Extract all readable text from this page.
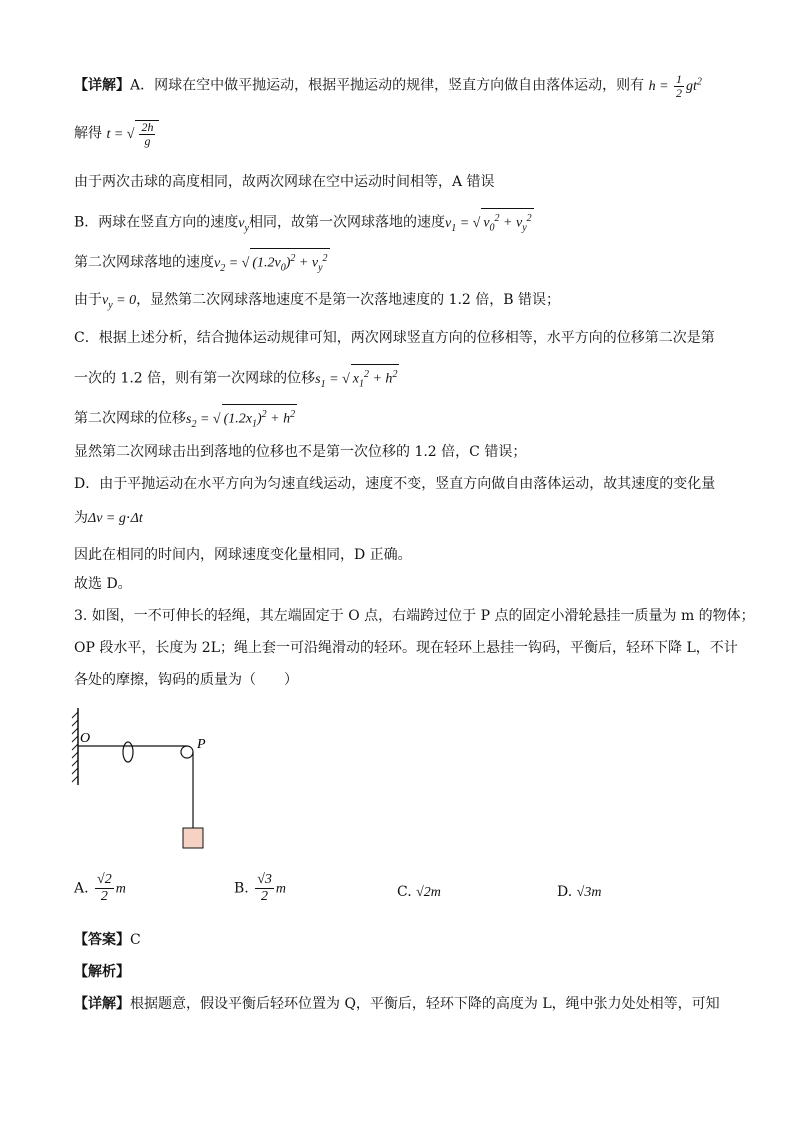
【详解】A．网球在空中做平抛运动，根据平抛运动的规律，竖直方向做自由落体运动，则有 $h = \frac{1}{2} gt^2$
解得 t = √ $\frac{2h}{g}$
由于两次击球的高度相同，故两次网球在空中运动时间相等，A 错误
B．两球在竖直方向的速度$v_y$相同，故第一次网球落地的速度$v_1$ = √ $v_0^2 + v_y^2$
第二次网球落地的速度$v_2$ = √ $(1.2v_0)^2 + v_y^2$
由于$v_y = 0$，显然第二次网球落地速度不是第一次落地速度的 1.2 倍，B 错误；
C．根据上述分析，结合抛体运动规律可知，两次网球竖直方向的位移相等，水平方向的位移第二次是第
一次的 1.2 倍，则有第一次网球的位移$s_1$ = √ $x_1^2 + h^2$
第二次网球的位移$s_2$ = √ $(1.2x_1)^2 + h^2$
显然第二次网球击出到落地的位移也不是第一次位移的 1.2 倍，C 错误；
D．由于平抛运动在水平方向为匀速直线运动，速度不变，竖直方向做自由落体运动，故其速度的变化量
为Δv = g⋅Δt
因此在相同的时间内，网球速度变化量相同，D 正确。
故选 D。
3. 如图，一不可伸长的轻绳，其左端固定于 O 点，右端跨过位于 P 点的固定小滑轮悬挂一质量为 m 的物体；
OP 段水平，长度为 2L；绳上套一可沿绳滑动的轻环。现在轻环上悬挂一钩码，平衡后，轻环下降 L，不计
各处的摩擦，钩码的质量为（　　）
O	P
A. $\frac{√2}{2}$ m	B. $\frac{√3}{2}$ m	C. √2m	D. √3m
【答案】C
【解析】
【详解】根据题意，假设平衡后轻环位置为 Q，平衡后，轻环下降的高度为 L，绳中张力处处相等，可知
